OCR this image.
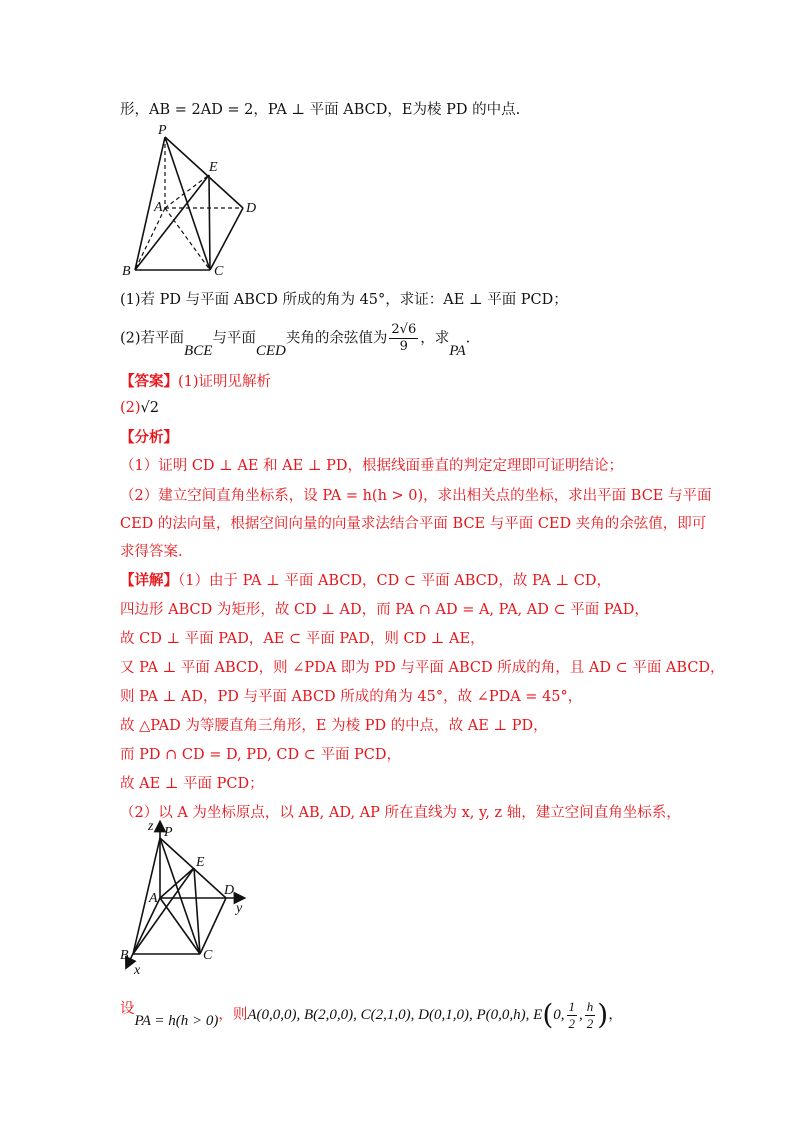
形，AB = 2AD = 2，PA ⊥ 平面 ABCD，E为棱 PD 的中点.
P
E
A	D
B	C
(1)若 PD 与平面 ABCD 所成的角为 45°，求证：AE ⊥ 平面 PCD；
(2)若平面BCE与平面CED夹角的余弦值为 $\frac{2√6}{9}$ ，求PA.
【答案】(1)证明见解析
(2)√2
【分析】
（1）证明 CD ⊥ AE 和 AE ⊥ PD，根据线面垂直的判定定理即可证明结论；
（2）建立空间直角坐标系，设 PA = h(h > 0)，求出相关点的坐标，求出平面 BCE 与平面
CED 的法向量，根据空间向量的向量求法结合平面 BCE 与平面 CED 夹角的余弦值，即可
求得答案.
【详解】（1）由于 PA ⊥ 平面 ABCD，CD ⊂ 平面 ABCD，故 PA ⊥ CD，
四边形 ABCD 为矩形，故 CD ⊥ AD，而 PA ∩ AD = A, PA, AD ⊂ 平面 PAD，
故 CD ⊥ 平面 PAD，AE ⊂ 平面 PAD，则 CD ⊥ AE，
又 PA ⊥ 平面 ABCD，则 ∠PDA 即为 PD 与平面 ABCD 所成的角，且 AD ⊂ 平面 ABCD，
则 PA ⊥ AD，PD 与平面 ABCD 所成的角为 45°，故 ∠PDA = 45°，
故 △PAD 为等腰直角三角形，E 为棱 PD 的中点，故 AE ⊥ PD，
而 PD ∩ CD = D, PD, CD ⊂ 平面 PCD，
故 AE ⊥ 平面 PCD；
（2）以 A 为坐标原点，以 AB, AD, AP 所在直线为 x, y, z 轴，建立空间直角坐标系，
z P
E
A
D
y
B	C
x
设PA = h(h > 0)，则A(0,0,0), B(2,0,0), C(2,1,0), D(0,1,0), P(0,0,h), E(0, $\frac{1}{2}$ , $\frac{h}{2}$ )，
